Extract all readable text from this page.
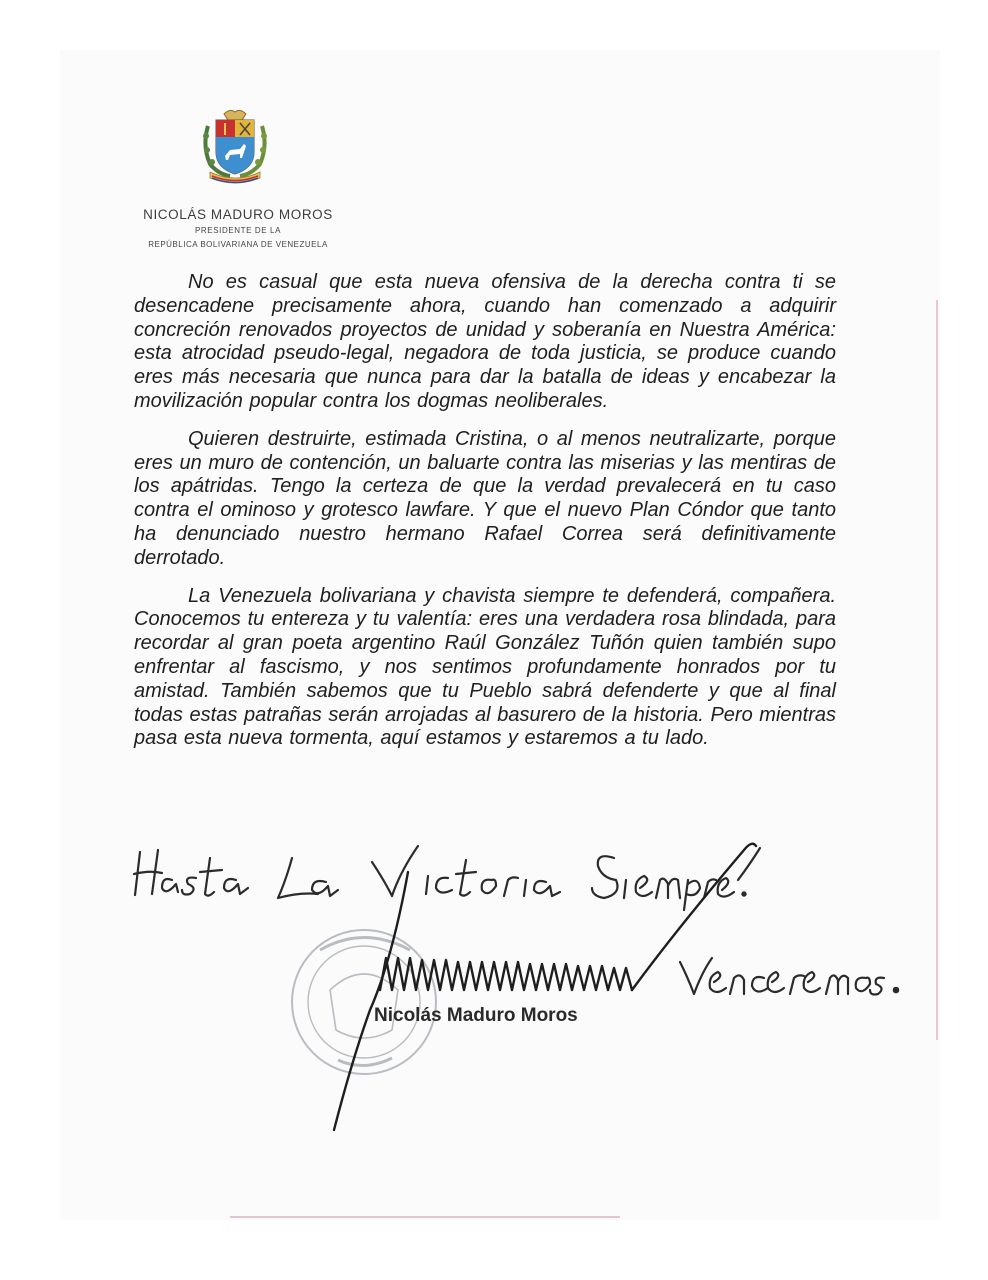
NICOLÁS MADURO MOROS
PRESIDENTE DE LA
REPÚBLICA BOLIVARIANA DE VENEZUELA

No es casual que esta nueva ofensiva de la derecha contra ti se desencadene precisamente ahora, cuando han comenzado a adquirir concreción renovados proyectos de unidad y soberanía en Nuestra América: esta atrocidad pseudo-legal, negadora de toda justicia, se produce cuando eres más necesaria que nunca para dar la batalla de ideas y encabezar la movilización popular contra los dogmas neoliberales.

Quieren destruirte, estimada Cristina, o al menos neutralizarte, porque eres un muro de contención, un baluarte contra las miserias y las mentiras de los apátridas. Tengo la certeza de que la verdad prevalecerá en tu caso contra el ominoso y grotesco lawfare. Y que el nuevo Plan Cóndor que tanto ha denunciado nuestro hermano Rafael Correa será definitivamente derrotado.

La Venezuela bolivariana y chavista siempre te defenderá, compañera. Conocemos tu entereza y tu valentía: eres una verdadera rosa blindada, para recordar al gran poeta argentino Raúl González Tuñón quien también supo enfrentar al fascismo, y nos sentimos profundamente honrados por tu amistad. También sabemos que tu Pueblo sabrá defenderte y que al final todas estas patrañas serán arrojadas al basurero de la historia. Pero mientras pasa esta nueva tormenta, aquí estamos y estaremos a tu lado.

Nicolás Maduro Moros
